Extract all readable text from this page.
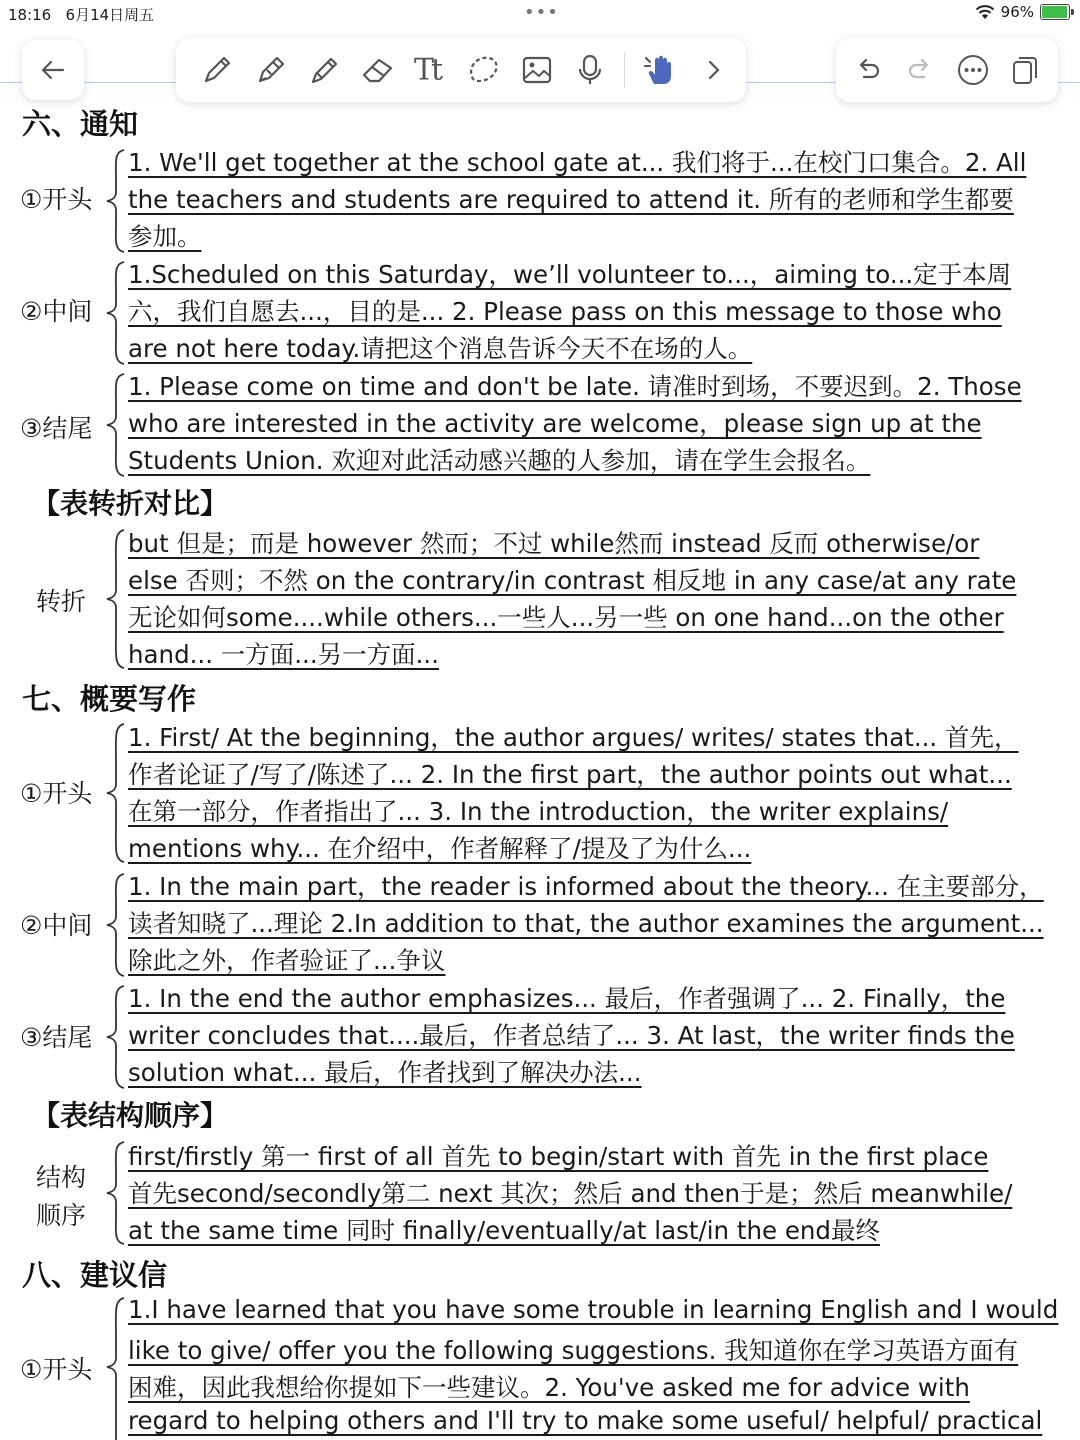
18:16 6月14日周五	•••	96%
Tt
六、通知
①开头
1. We'll get together at the school gate at... 我们将于...在校门口集合。2. All
the teachers and students are required to attend it. 所有的老师和学生都要
参加。
②中间
1.Scheduled on this Saturday，we’ll volunteer to...，aiming to...定于本周
六，我们自愿去...，目的是... 2. Please pass on this message to those who
are not here today.请把这个消息告诉今天不在场的人。
③结尾
1. Please come on time and don't be late. 请准时到场，不要迟到。2. Those
who are interested in the activity are welcome，please sign up at the
Students Union. 欢迎对此活动感兴趣的人参加，请在学生会报名。
【表转折对比】
转折
but 但是；而是 however 然而；不过 while然而 instead 反而 otherwise/or
else 否则；不然 on the contrary/in contrast 相反地 in any case/at any rate
无论如何some....while others...一些人...另一些 on one hand...on the other
hand... 一方面...另一方面...
七、概要写作
①开头
1. First/ At the beginning，the author argues/ writes/ states that... 首先，
作者论证了/写了/陈述了... 2. In the first part，the author points out what...
在第一部分，作者指出了... 3. In the introduction，the writer explains/
mentions why... 在介绍中，作者解释了/提及了为什么...
②中间
1. In the main part，the reader is informed about the theory... 在主要部分，
读者知晓了...理论 2.In addition to that, the author examines the argument...
除此之外，作者验证了...争议
③结尾
1. In the end the author emphasizes... 最后，作者强调了... 2. Finally，the
writer concludes that....最后，作者总结了... 3. At last，the writer finds the
solution what... 最后，作者找到了解决办法...
【表结构顺序】
结构
顺序
first/firstly 第一 first of all 首先 to begin/start with 首先 in the first place
首先second/secondly第二 next 其次；然后 and then于是；然后 meanwhile/
at the same time 同时 finally/eventually/at last/in the end最终
八、建议信
①开头
1.I have learned that you have some trouble in learning English and I would
like to give/ offer you the following suggestions. 我知道你在学习英语方面有
困难，因此我想给你提如下一些建议。2. You've asked me for advice with
regard to helping others and I'll try to make some useful/ helpful/ practical
